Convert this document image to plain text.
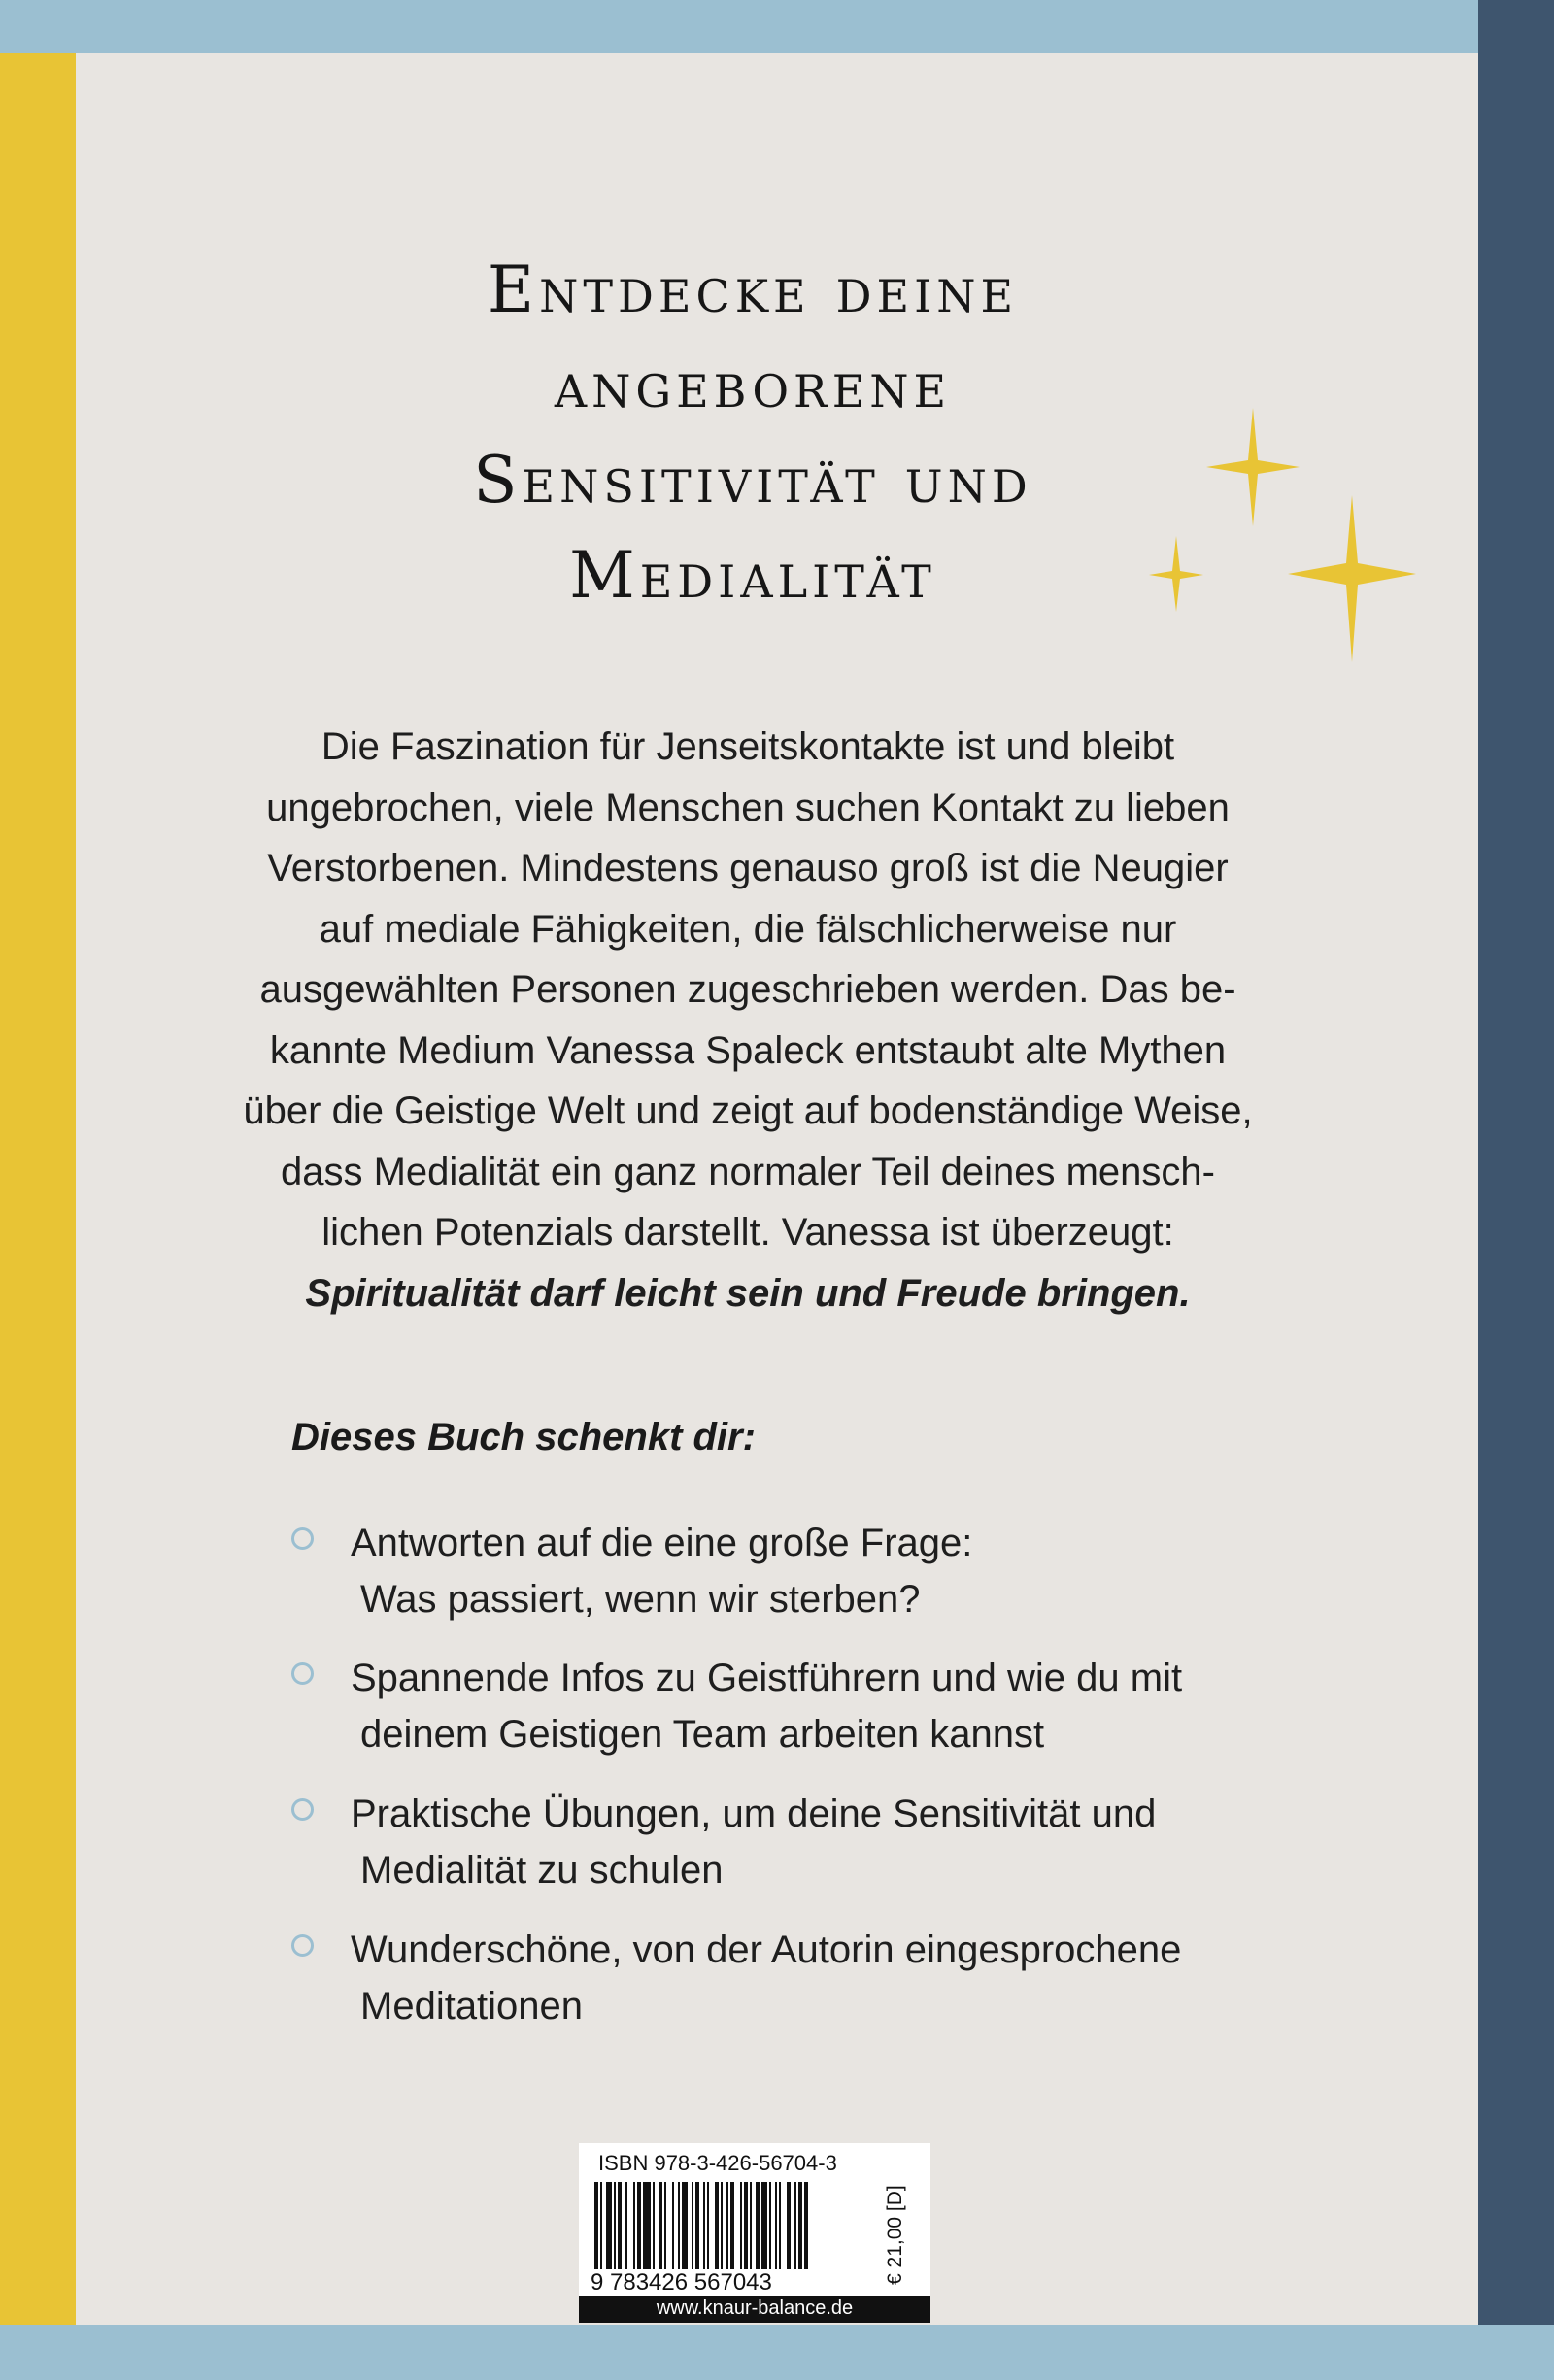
Entdecke deine
angeborene
Sensitivität und
Medialität
Die Faszination für Jenseitskontakte ist und bleibt
ungebrochen, viele Menschen suchen Kontakt zu lieben
Verstorbenen. Mindestens genauso groß ist die Neugier
auf mediale Fähigkeiten, die fälschlicherweise nur
ausgewählten Personen zugeschrieben werden. Das be-
kannte Medium Vanessa Spaleck entstaubt alte Mythen
über die Geistige Welt und zeigt auf bodenständige Weise,
dass Medialität ein ganz normaler Teil deines mensch-
lichen Potenzials darstellt. Vanessa ist überzeugt:
Spiritualität darf leicht sein und Freude bringen.
Dieses Buch schenkt dir:
Antworten auf die eine große Frage:
Was passiert, wenn wir sterben?
Spannende Infos zu Geistführern und wie du mit
deinem Geistigen Team arbeiten kannst
Praktische Übungen, um deine Sensitivität und
Medialität zu schulen
Wunderschöne, von der Autorin eingesprochene
Meditationen
ISBN 978-3-426-56704-3
9 783426 567043	€ 21,00 [D]
www.knaur-balance.de
